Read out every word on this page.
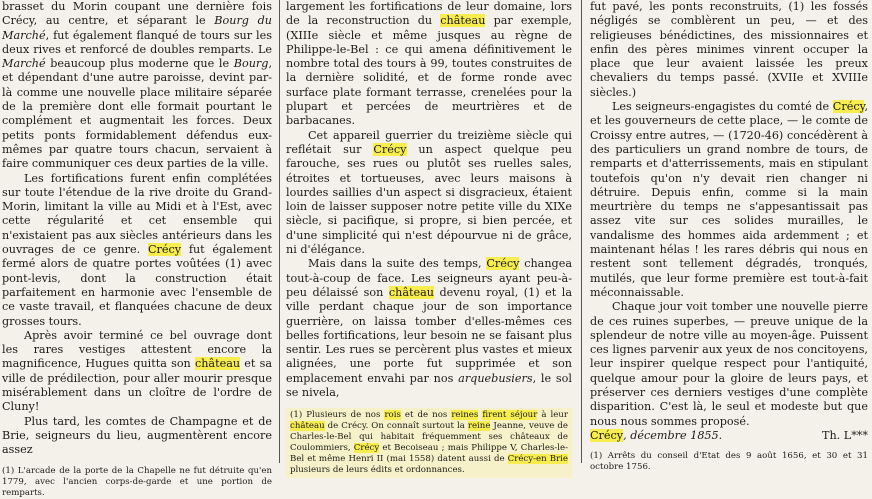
brasset du Morin coupant une dernière fois Crécy, au centre, et séparant le Bourg du Marché, fut également flanqué de tours sur les deux rives et renforcé de doubles remparts. Le Marché beaucoup plus moderne que le Bourg, et dépendant d'une autre paroisse, devint par-là comme une nouvelle place militaire séparée de la première dont elle formait pourtant le complément et augmentait les forces. Deux petits ponts formidablement défendus eux-mêmes par quatre tours chacun, servaient à faire communiquer ces deux parties de la ville.

Les fortifications furent enfin complétées sur toute l'étendue de la rive droite du Grand-Morin, limitant la ville au Midi et à l'Est, avec cette régularité et cet ensemble qui n'existaient pas aux siècles antérieurs dans les ouvrages de ce genre. Crécy fut également fermé alors de quatre portes voûtées (1) avec pont-levis, dont la construction était parfaitement en harmonie avec l'ensemble de ce vaste travail, et flanquées chacune de deux grosses tours.

Après avoir terminé ce bel ouvrage dont les rares vestiges attestent encore la magnificence, Hugues quitta son château et sa ville de prédilection, pour aller mourir presque misérablement dans un cloître de l'ordre de Cluny!

Plus tard, les comtes de Champagne et de Brie, seigneurs du lieu, augmentèrent encore assez

(1) L'arcade de la porte de la Chapelle ne fut détruite qu'en 1779, avec l'ancien corps-de-garde et une portion de remparts.

largement les fortifications de leur domaine, lors de la reconstruction du château par exemple, (XIIIe siècle et même jusques au règne de Philippe-le-Bel : ce qui amena définitivement le nombre total des tours à 99, toutes construites de la dernière solidité, et de forme ronde avec surface plate formant terrasse, crenelées pour la plupart et percées de meurtrières et de barbacanes.

Cet appareil guerrier du treizième siècle qui reflétait sur Crécy un aspect quelque peu farouche, ses rues ou plutôt ses ruelles sales, étroites et tortueuses, avec leurs maisons à lourdes saillies d'un aspect si disgracieux, étaient loin de laisser supposer notre petite ville du XIXe siècle, si pacifique, si propre, si bien percée, et d'une simplicité qui n'est dépourvue ni de grâce, ni d'élégance.

Mais dans la suite des temps, Crécy changea tout-à-coup de face. Les seigneurs ayant peu-à-peu délaissé son château devenu royal, (1) et la ville perdant chaque jour de son importance guerrière, on laissa tomber d'elles-mêmes ces belles fortifications, leur besoin ne se faisant plus sentir. Les rues se percèrent plus vastes et mieux alignées, une porte fut supprimée et son emplacement envahi par nos arquebusiers, le sol se nivela,

(1) Plusieurs de nos rois et de nos reines firent séjour à leur château de Crécy. On connaît surtout la reine Jeanne, veuve de Charles-le-Bel qui habitait fréquemment ses châteaux de Coulommiers, Crécy et Becoiseau ; mais Philippe V, Charles-le-Bel et même Henri II (mai 1558) datent aussi de Crécy-en Brie plusieurs de leurs édits et ordonnances.

fut pavé, les ponts reconstruits, (1) les fossés négligés se comblèrent un peu, — et des religieuses bénédictines, des missionnaires et enfin des pères minimes vinrent occuper la place que leur avaient laissée les preux chevaliers du temps passé. (XVIIe et XVIIIe siècles.)

Les seigneurs-engagistes du comté de Crécy, et les gouverneurs de cette place, — le comte de Croissy entre autres, — (1720-46) concédèrent à des particuliers un grand nombre de tours, de remparts et d'atterrissements, mais en stipulant toutefois qu'on n'y devait rien changer ni détruire. Depuis enfin, comme si la main meurtrière du temps ne s'appesantissait pas assez vite sur ces solides murailles, le vandalisme des hommes aida ardemment ; et maintenant hélas ! les rares débris qui nous en restent sont tellement dégradés, tronqués, mutilés, que leur forme première est tout-à-fait méconnaissable.

Chaque jour voit tomber une nouvelle pierre de ces ruines superbes, — preuve unique de la splendeur de notre ville au moyen-âge. Puissent ces lignes parvenir aux yeux de nos concitoyens, leur inspirer quelque respect pour l'antiquité, quelque amour pour la gloire de leurs pays, et préserver ces derniers vestiges d'une complète disparition. C'est là, le seul et modeste but que nous nous sommes proposé.

Crécy, décembre 1855.	Th. L***

(1) Arrêts du conseil d'Etat des 9 août 1656, et 30 et 31 octobre 1756.
